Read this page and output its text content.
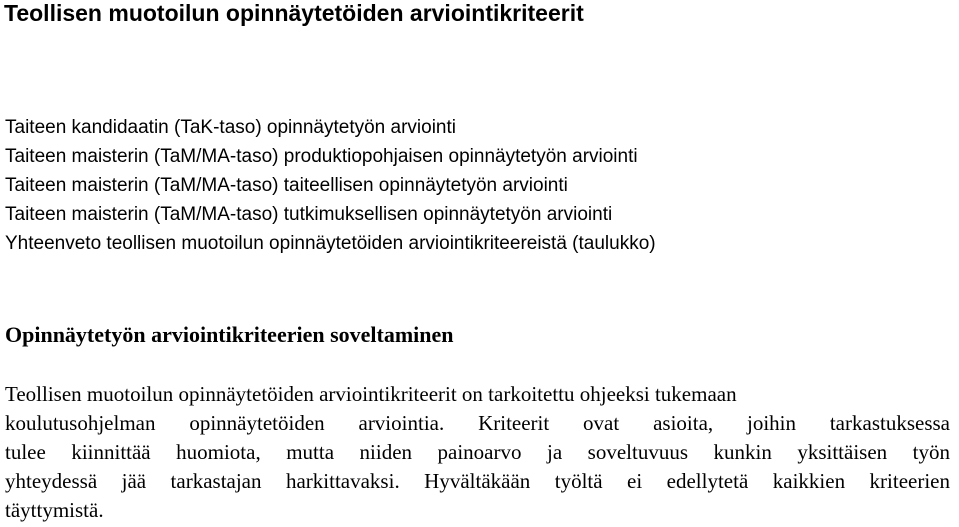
Teollisen muotoilun opinnäytetöiden arviointikriteerit
Taiteen kandidaatin (TaK-taso) opinnäytetyön arviointi
Taiteen maisterin (TaM/MA-taso) produktiopohjaisen opinnäytetyön arviointi
Taiteen maisterin (TaM/MA-taso) taiteellisen opinnäytetyön arviointi
Taiteen maisterin (TaM/MA-taso) tutkimuksellisen opinnäytetyön arviointi
Yhteenveto teollisen muotoilun opinnäytetöiden arviointikriteereistä (taulukko)
Opinnäytetyön arviointikriteerien soveltaminen

Teollisen muotoilun opinnäytetöiden arviointikriteerit on tarkoitettu ohjeeksi tukemaan
koulutusohjelman opinnäytetöiden arviointia. Kriteerit ovat asioita, joihin tarkastuksessa
tulee kiinnittää huomiota, mutta niiden painoarvo ja soveltuvuus kunkin yksittäisen työn
yhteydessä jää tarkastajan harkittavaksi. Hyvältäkään työltä ei edellytetä kaikkien kriteerien
täyttymistä.
